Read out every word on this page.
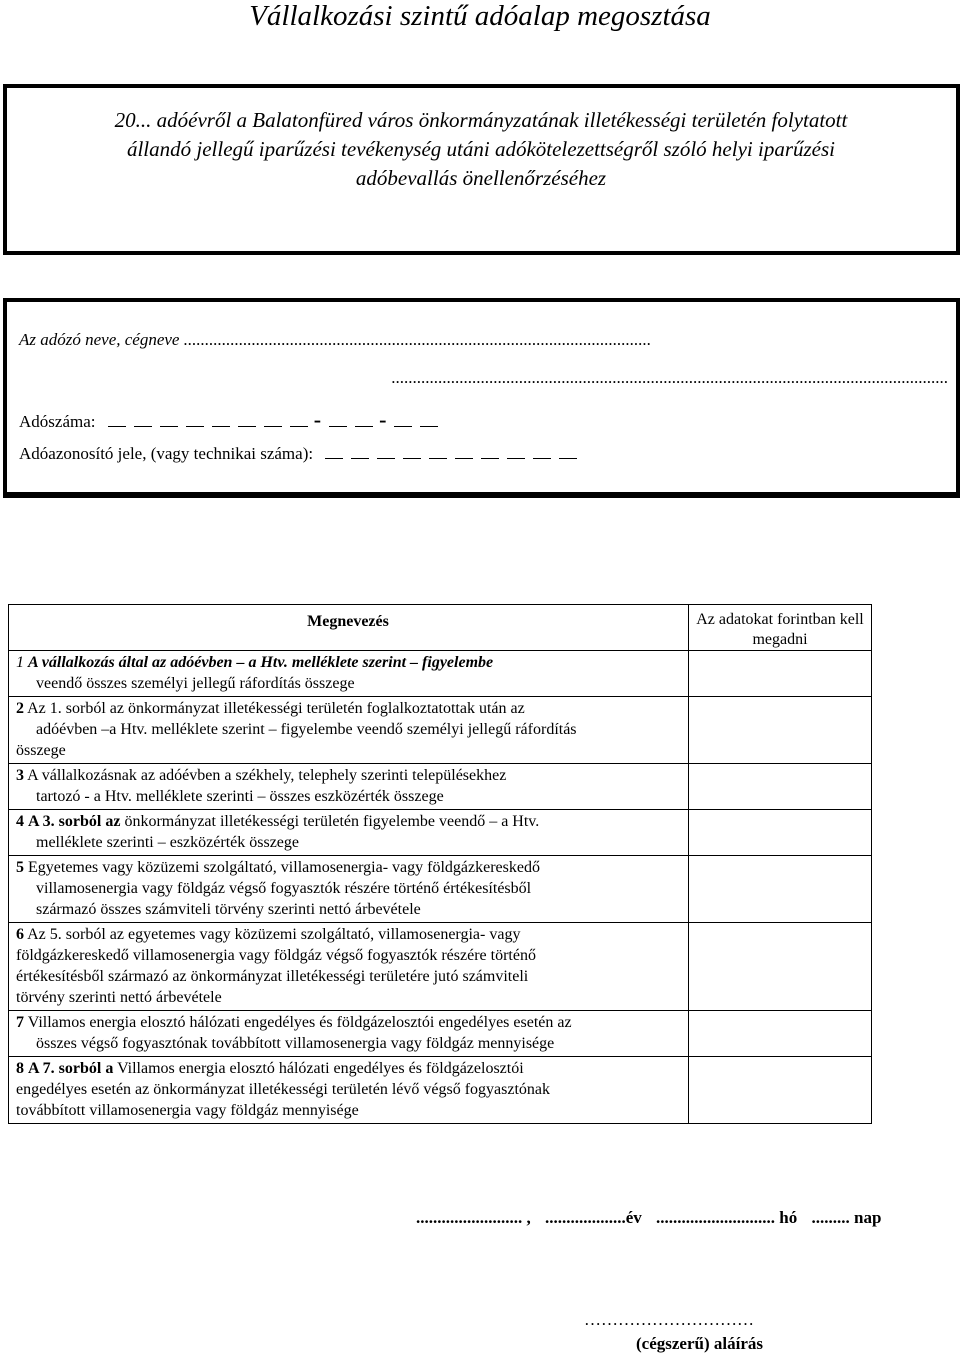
Vállalkozási szintű adóalap megosztása
20... adóévről a Balatonfüred város önkormányzatának illetékességi területén folytatott
állandó jellegű iparűzési tevékenység utáni adókötelezettségről szóló helyi iparűzési
adóbevallás önellenőrzéséhez
Az adózó neve, cégneve ..............................................................................................................
...................................................................................................................................
Adószáma:	-	-
Adóazonosító jele, (vagy technikai száma):
Megnevezés	Az adatokat forintban kell megadni
1 A vállalkozás által az adóévben – a Htv. melléklete szerint – figyelembe
veendő összes személyi jellegű ráfordítás összege	

2 Az 1. sorból az önkormányzat illetékességi területén foglalkoztatottak után az
adóévben –a Htv. melléklete szerint – figyelembe veendő személyi jellegű ráfordítás
összege	

3 A vállalkozásnak az adóévben a székhely, telephely szerinti településekhez
tartozó - a Htv. melléklete szerinti – összes eszközérték összege	

4 A 3. sorból az önkormányzat illetékességi területén figyelembe veendő – a Htv.
melléklete szerinti – eszközérték összege	

5 Egyetemes vagy közüzemi szolgáltató, villamosenergia- vagy földgázkereskedő
villamosenergia vagy földgáz végső fogyasztók részére történő értékesítésből
származó összes számviteli törvény szerinti nettó árbevétele	

6 Az 5. sorból az egyetemes vagy közüzemi szolgáltató, villamosenergia- vagy
földgázkereskedő villamosenergia vagy földgáz végső fogyasztók részére történő
értékesítésből származó az önkormányzat illetékességi területére jutó számviteli
törvény szerinti nettó árbevétele	

7 Villamos energia elosztó hálózati engedélyes és földgázelosztói engedélyes esetén az
összes végső fogyasztónak továbbított villamosenergia vagy földgáz mennyisége	

8 A 7. sorból a Villamos energia elosztó hálózati engedélyes és földgázelosztói
engedélyes esetén az önkormányzat illetékességi területén lévő végső fogyasztónak
továbbított villamosenergia vagy földgáz mennyisége	

......................... , ...................év ............................ hó ......... nap
…………………………
(cégszerű) aláírás
